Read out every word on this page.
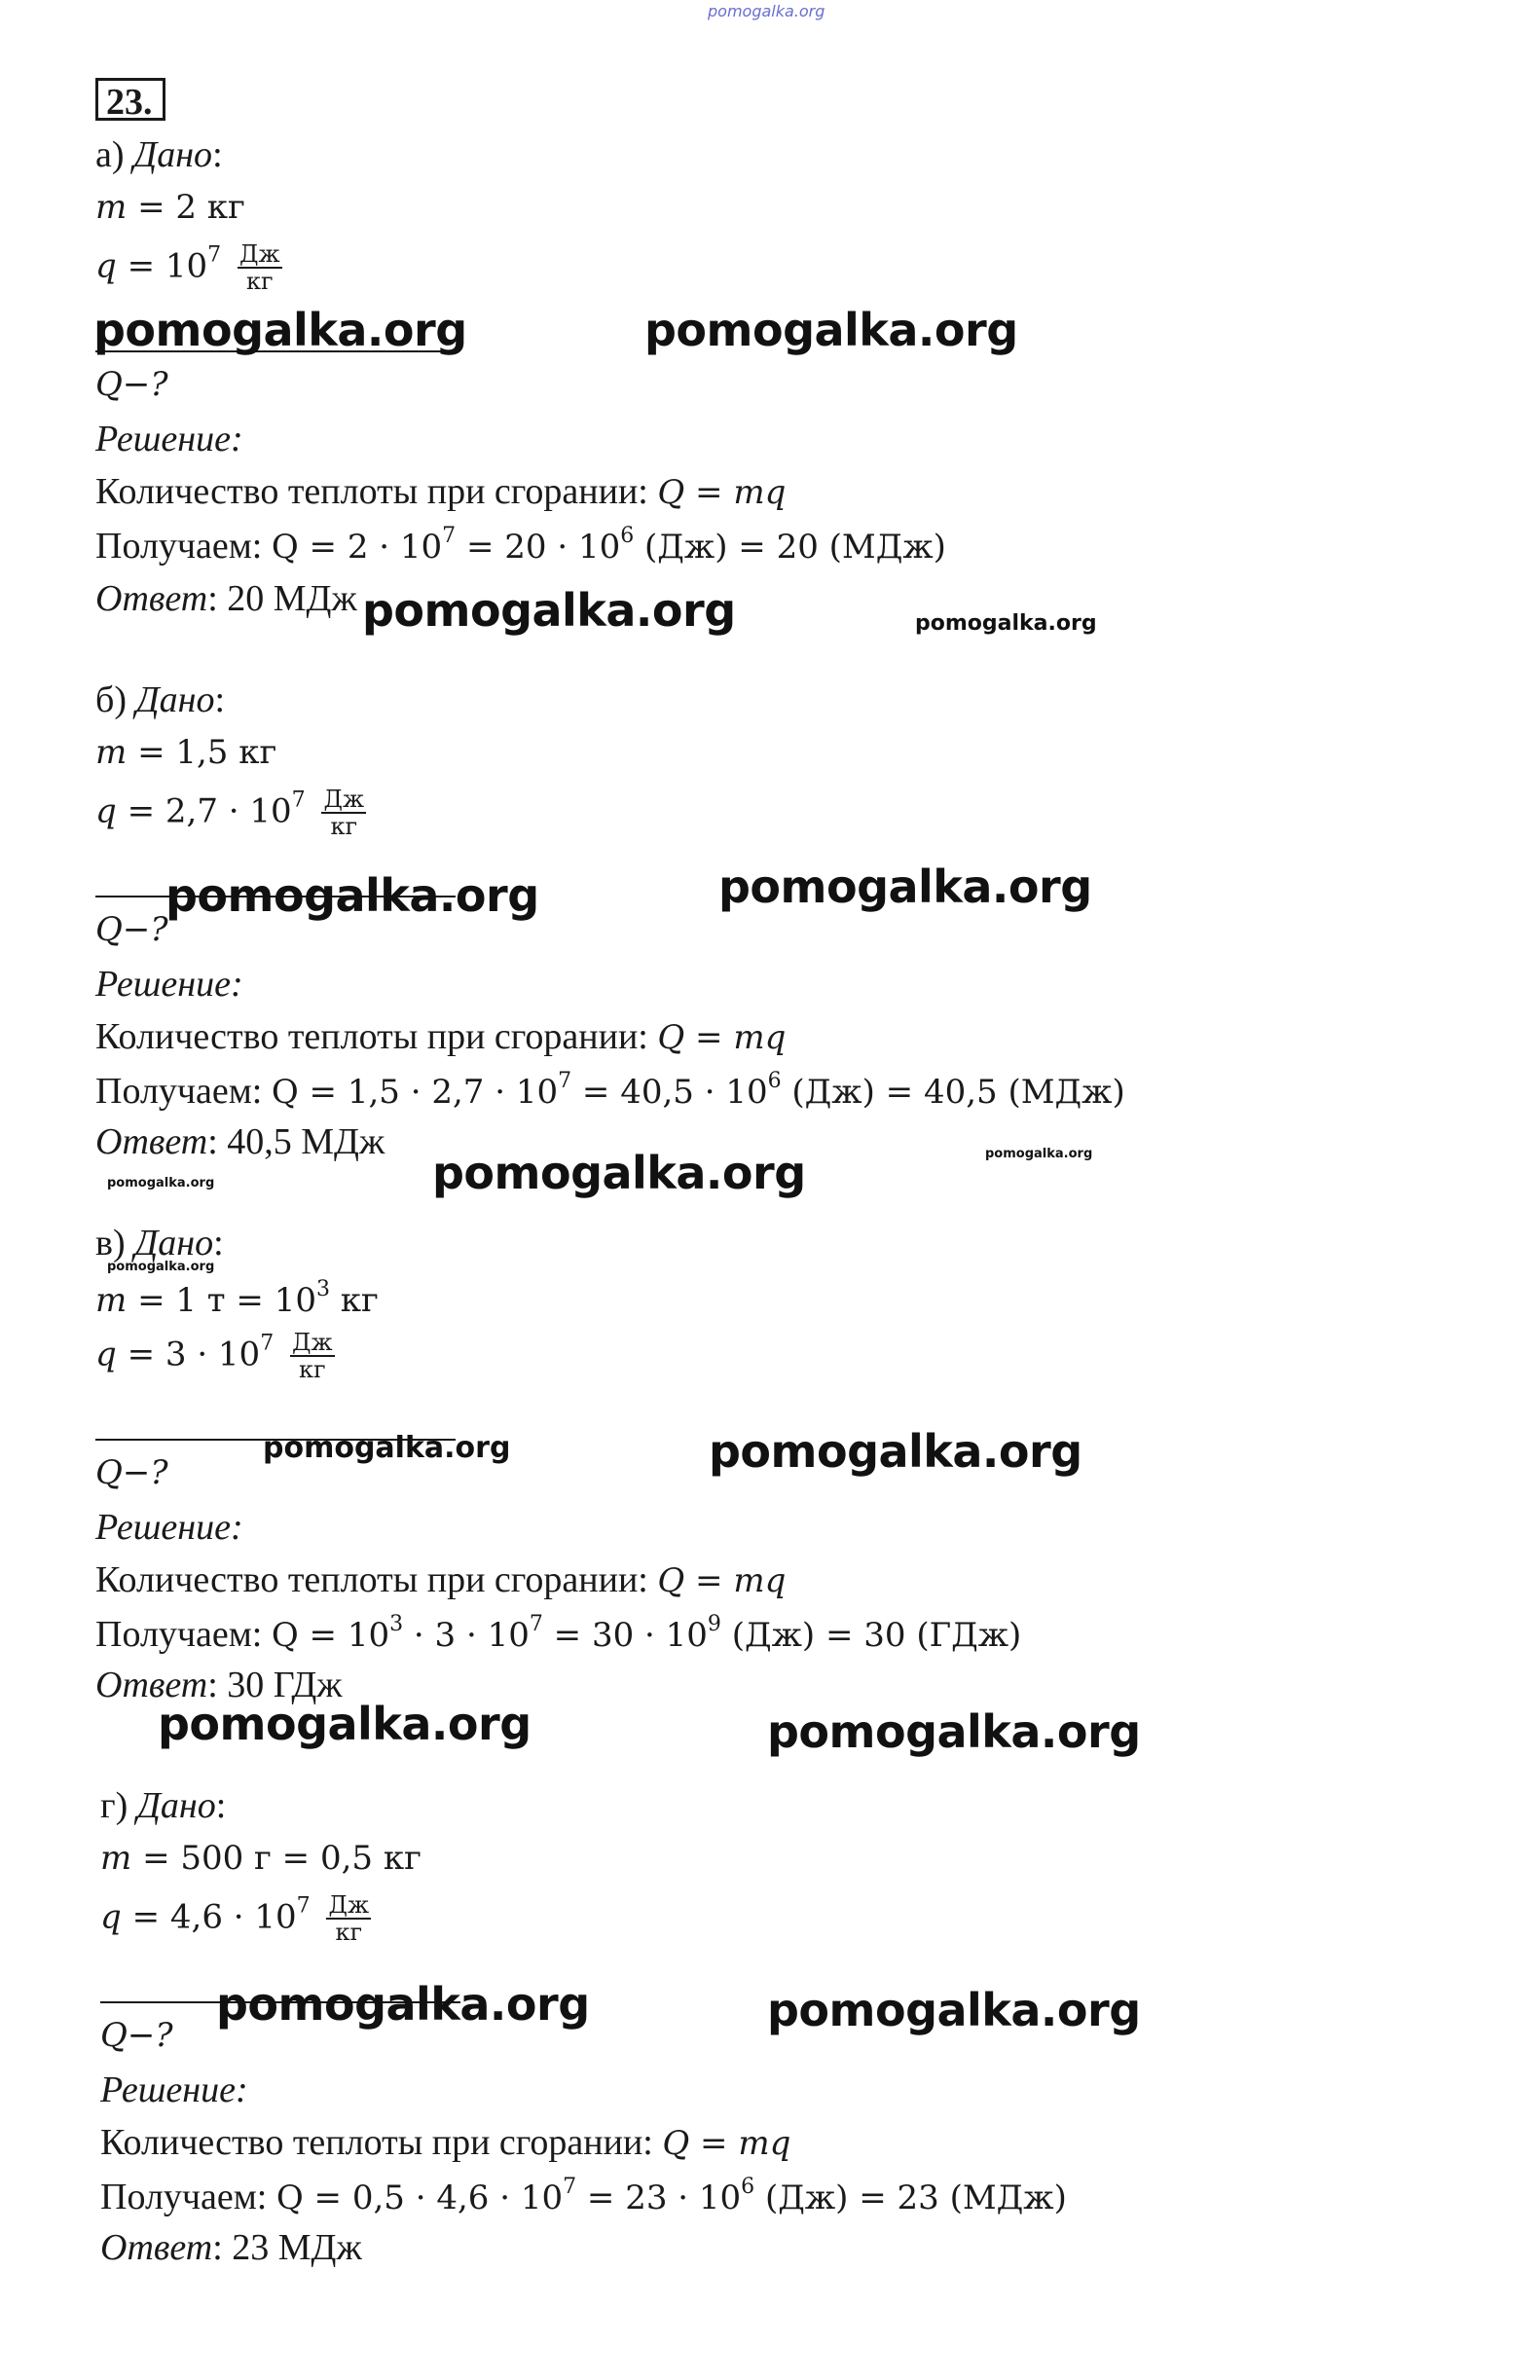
pomogalka.org
23.
а) Дано:
m = 2 кг
$q = 10^7 \frac{Дж}{кг}$
Q−?
Решение:
Количество теплоты при сгорании: Q = mq
Получаем: $Q = 2 \cdot 10^7 = 20 \cdot 10^6$ (Дж) = 20 (МДж)
Ответ: 20 МДж
б) Дано:
m = 1,5 кг
$q = 2,7 \cdot 10^7 \frac{Дж}{кг}$
Q−?
Решение:
Количество теплоты при сгорании: Q = mq
Получаем: $Q = 1,5 \cdot 2,7 \cdot 10^7 = 40,5 \cdot 10^6$ (Дж) = 40,5 (МДж)
Ответ: 40,5 МДж
в) Дано:
m = 1 $т = 10^3$ кг
$q = 3 \cdot 10^7 \frac{Дж}{кг}$
Q−?
Решение:
Количество теплоты при сгорании: Q = mq
Получаем: $Q = 10^3 \cdot 3 \cdot 10^7 = 30 \cdot 10^9$ (Дж) = 30 (ГДж)
Ответ: 30 ГДж
г) Дано:
m = 500 г = 0,5 кг
$q = 4,6 \cdot 10^7 \frac{Дж}{кг}$
Q−?
Решение:
Количество теплоты при сгорании: Q = mq
Получаем: $Q = 0,5 \cdot 4,6 \cdot 10^7 = 23 \cdot 10^6$ (Дж) = 23 (МДж)
Ответ: 23 МДж
pomogalka.org	pomogalka.org
pomogalka.org	pomogalka.org
pomogalka.org	pomogalka.org
pomogalka.org	pomogalka.org
pomogalka.org
pomogalka.org
pomogalka.org	pomogalka.org
pomogalka.org	pomogalka.org
pomogalka.org	pomogalka.org
